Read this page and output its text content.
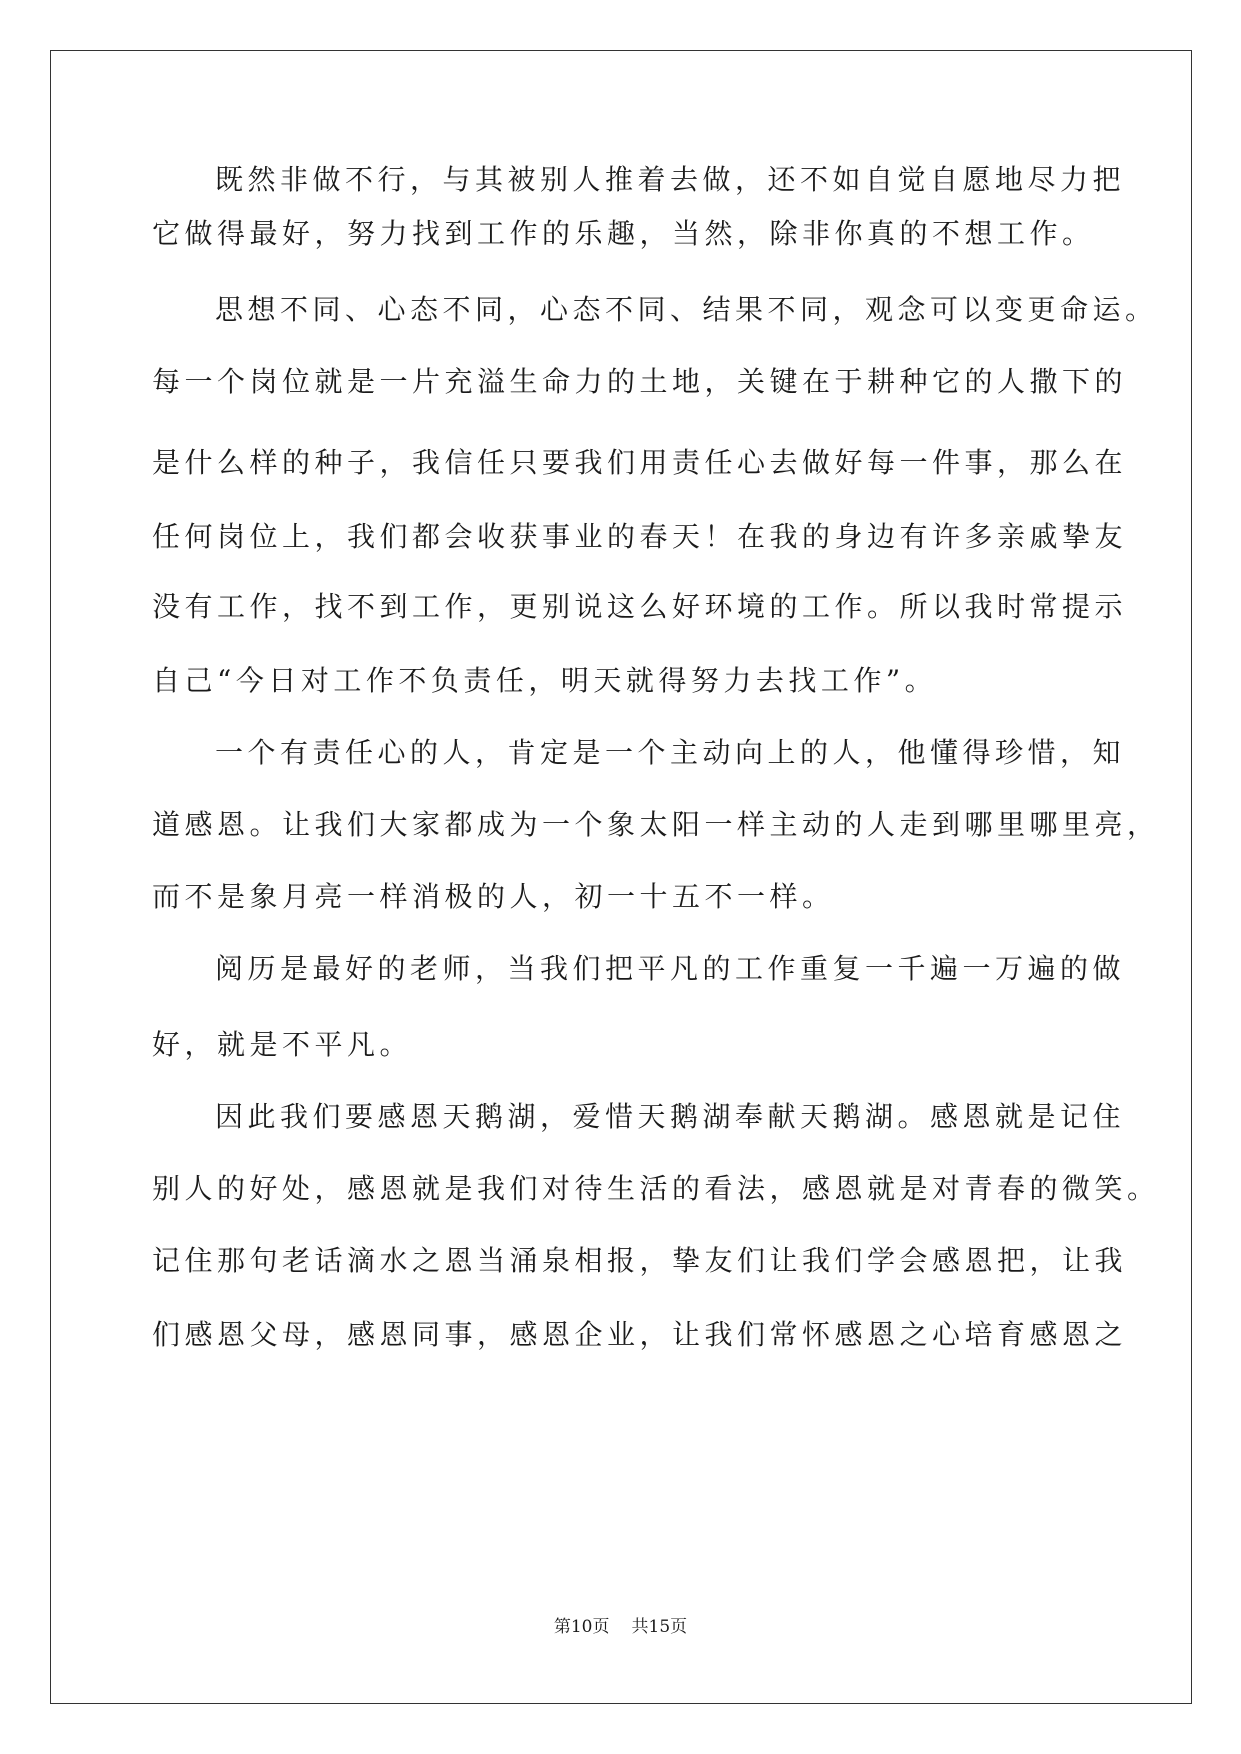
既然非做不行，与其被别人推着去做，还不如自觉自愿地尽力把
它做得最好，努力找到工作的乐趣，当然，除非你真的不想工作。
思想不同、心态不同，心态不同、结果不同，观念可以变更命运。
每一个岗位就是一片充溢生命力的土地，关键在于耕种它的人撒下的
是什么样的种子，我信任只要我们用责任心去做好每一件事，那么在
任何岗位上，我们都会收获事业的春天！在我的身边有许多亲戚挚友
没有工作，找不到工作，更别说这么好环境的工作。所以我时常提示
自己“今日对工作不负责任，明天就得努力去找工作”。
一个有责任心的人，肯定是一个主动向上的人，他懂得珍惜，知
道感恩。让我们大家都成为一个象太阳一样主动的人走到哪里哪里亮，
而不是象月亮一样消极的人，初一十五不一样。
阅历是最好的老师，当我们把平凡的工作重复一千遍一万遍的做
好，就是不平凡。
因此我们要感恩天鹅湖，爱惜天鹅湖奉献天鹅湖。感恩就是记住
别人的好处，感恩就是我们对待生活的看法，感恩就是对青春的微笑。
记住那句老话滴水之恩当涌泉相报，挚友们让我们学会感恩把，让我
们感恩父母，感恩同事，感恩企业，让我们常怀感恩之心培育感恩之
第10页 共15页
